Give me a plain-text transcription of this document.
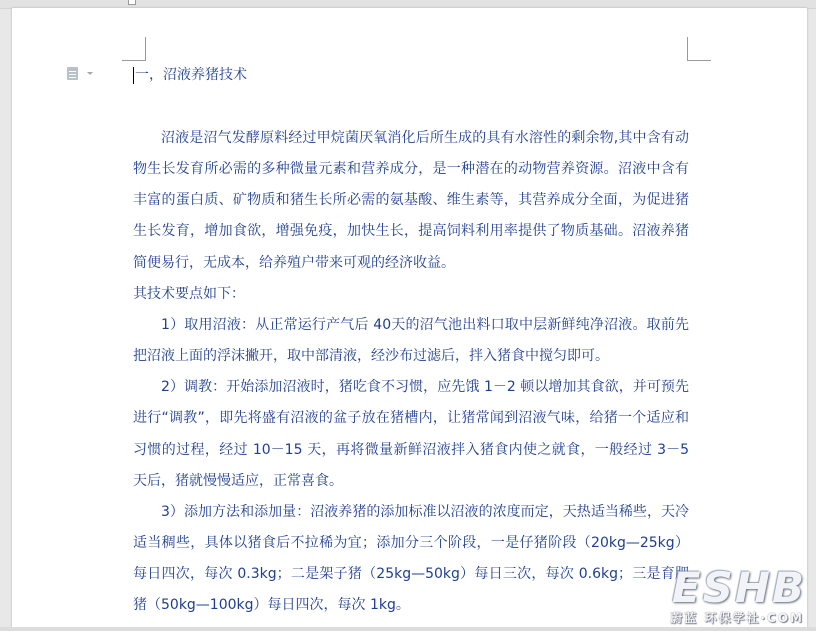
一，沼液养猪技术

沼液是沼气发酵原料经过甲烷菌厌氧消化后所生成的具有水溶性的剩余物,其中含有动物生长发育所必需的多种微量元素和营养成分，是一种潜在的动物营养资源。沼液中含有丰富的蛋白质、矿物质和猪生长所必需的氨基酸、维生素等，其营养成分全面，为促进猪生长发育，增加食欲，增强免疫，加快生长，提高饲料利用率提供了物质基础。沼液养猪简便易行，无成本，给养殖户带来可观的经济收益。

其技术要点如下：

1）取用沼液：从正常运行产气后 40天的沼气池出料口取中层新鲜纯净沼液。取前先把沼液上面的浮沫撇开，取中部清液，经沙布过滤后，拌入猪食中搅匀即可。

2）调教：开始添加沼液时，猪吃食不习惯，应先饿 1－2 顿以增加其食欲，并可预先进行“调教”，即先将盛有沼液的盆子放在猪槽内，让猪常闻到沼液气味，给猪一个适应和习惯的过程，经过 10－15 天，再将微量新鲜沼液拌入猪食内使之就食，一般经过 3－5 天后，猪就慢慢适应，正常喜食。

3）添加方法和添加量：沼液养猪的添加标准以沼液的浓度而定，天热适当稀些，天冷适当稠些，具体以猪食后不拉稀为宜；添加分三个阶段，一是仔猪阶段（20kg—25kg）每日四次，每次 0.3kg；二是架子猪（25kg—50kg）每日三次，每次 0.6kg；三是育肥猪（50kg—100kg）每日四次，每次 1kg。	ESHB
蔚蓝 环保学社·COM
